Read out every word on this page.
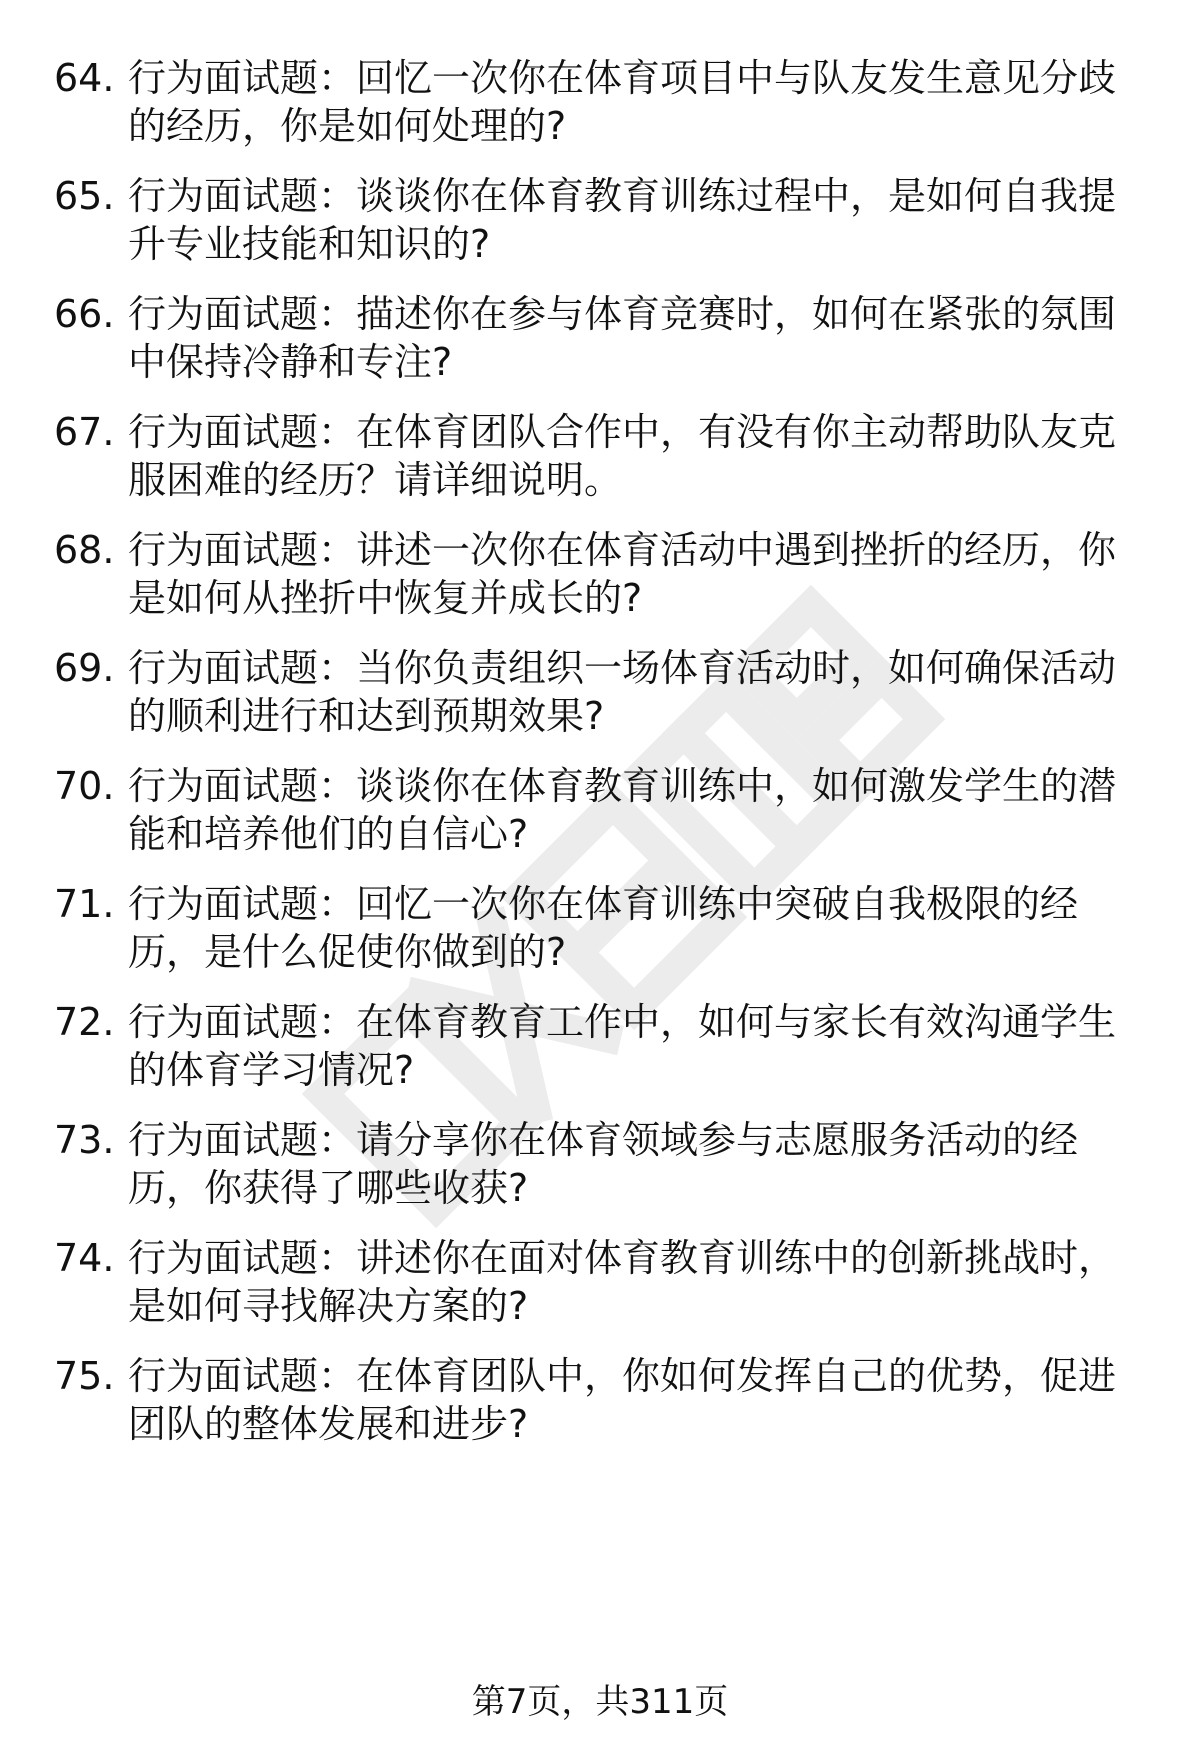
64. 行为面试题：回忆一次你在体育项目中与队友发生意见分歧的经历，你是如何处理的?
65. 行为面试题：谈谈你在体育教育训练过程中，是如何自我提升专业技能和知识的?
66. 行为面试题：描述你在参与体育竞赛时，如何在紧张的氛围中保持冷静和专注?
67. 行为面试题：在体育团队合作中，有没有你主动帮助队友克服困难的经历？请详细说明。
68. 行为面试题：讲述一次你在体育活动中遇到挫折的经历，你是如何从挫折中恢复并成长的?
69. 行为面试题：当你负责组织一场体育活动时，如何确保活动的顺利进行和达到预期效果?
70. 行为面试题：谈谈你在体育教育训练中，如何激发学生的潜能和培养他们的自信心?
71. 行为面试题：回忆一次你在体育训练中突破自我极限的经历，是什么促使你做到的?
72. 行为面试题：在体育教育工作中，如何与家长有效沟通学生的体育学习情况?
73. 行为面试题：请分享你在体育领域参与志愿服务活动的经历，你获得了哪些收获?
74. 行为面试题：讲述你在面对体育教育训练中的创新挑战时，是如何寻找解决方案的?
75. 行为面试题：在体育团队中，你如何发挥自己的优势，促进团队的整体发展和进步?
第7页，共311页
